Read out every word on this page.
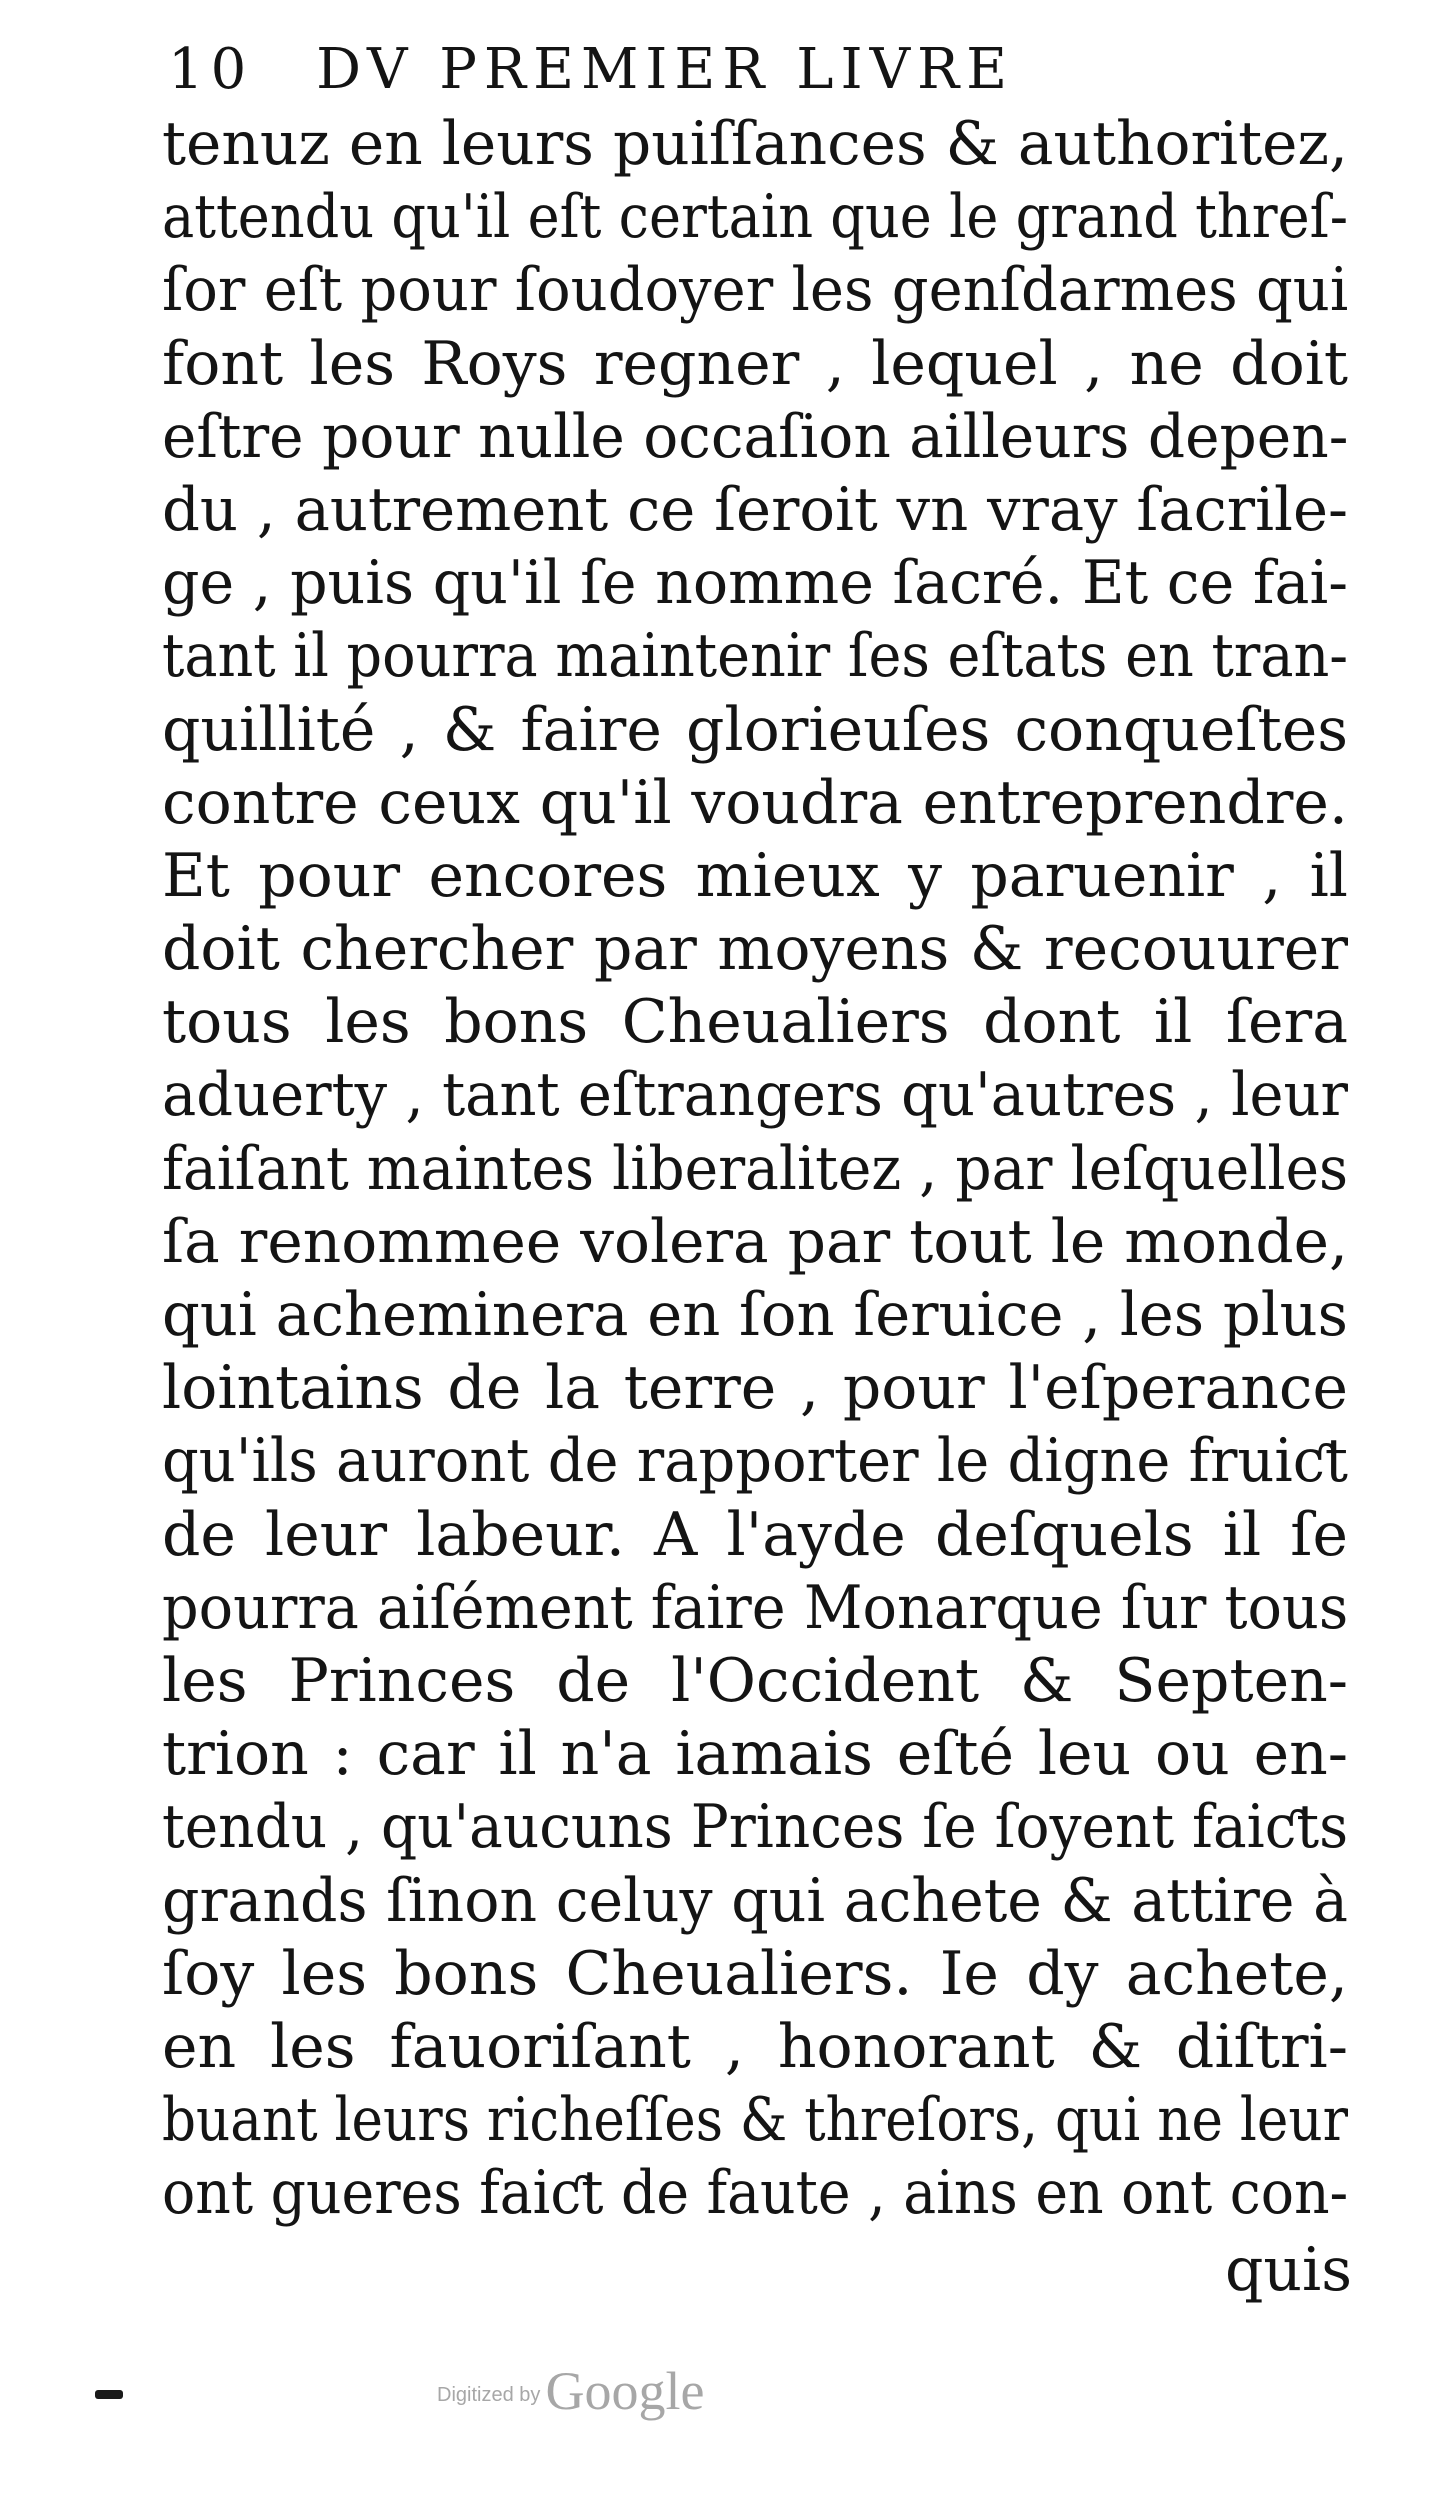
10 DV PREMIER LIVRE
tenuz en leurs puiſſances & authoritez,
attendu qu'il eſt certain que le grand threſ-
ſor eſt pour ſoudoyer les genſdarmes qui
font les Roys regner , lequel , ne doit
eſtre pour nulle occaſion ailleurs depen-
du , autrement ce ſeroit vn vray ſacrile-
ge , puis qu'il ſe nomme ſacré. Et ce fai-
tant il pourra maintenir ſes eſtats en tran-
quillité , & faire glorieuſes conqueſtes
contre ceux qu'il voudra entreprendre.
Et pour encores mieux y paruenir , il
doit chercher par moyens & recouurer
tous les bons Cheualiers dont il ſera
aduerty , tant eſtrangers qu'autres , leur
faiſant maintes liberalitez , par leſquelles
ſa renommee volera par tout le monde,
qui acheminera en ſon ſeruice , les plus
lointains de la terre , pour l'eſperance
qu'ils auront de rapporter le digne fruiƈt
de leur labeur. A l'ayde deſquels il ſe
pourra aiſément faire Monarque ſur tous
les Princes de l'Occident & Septen-
trion : car il n'a iamais eſté leu ou en-
tendu , qu'aucuns Princes ſe ſoyent faiƈts
grands ſinon celuy qui achete & attire à
ſoy les bons Cheualiers. Ie dy achete,
en les fauoriſant , honorant & diſtri-
buant leurs richeſſes & threſors, qui ne leur
ont gueres faiƈt de faute , ains en ont con-
quis
Digitized by Google
